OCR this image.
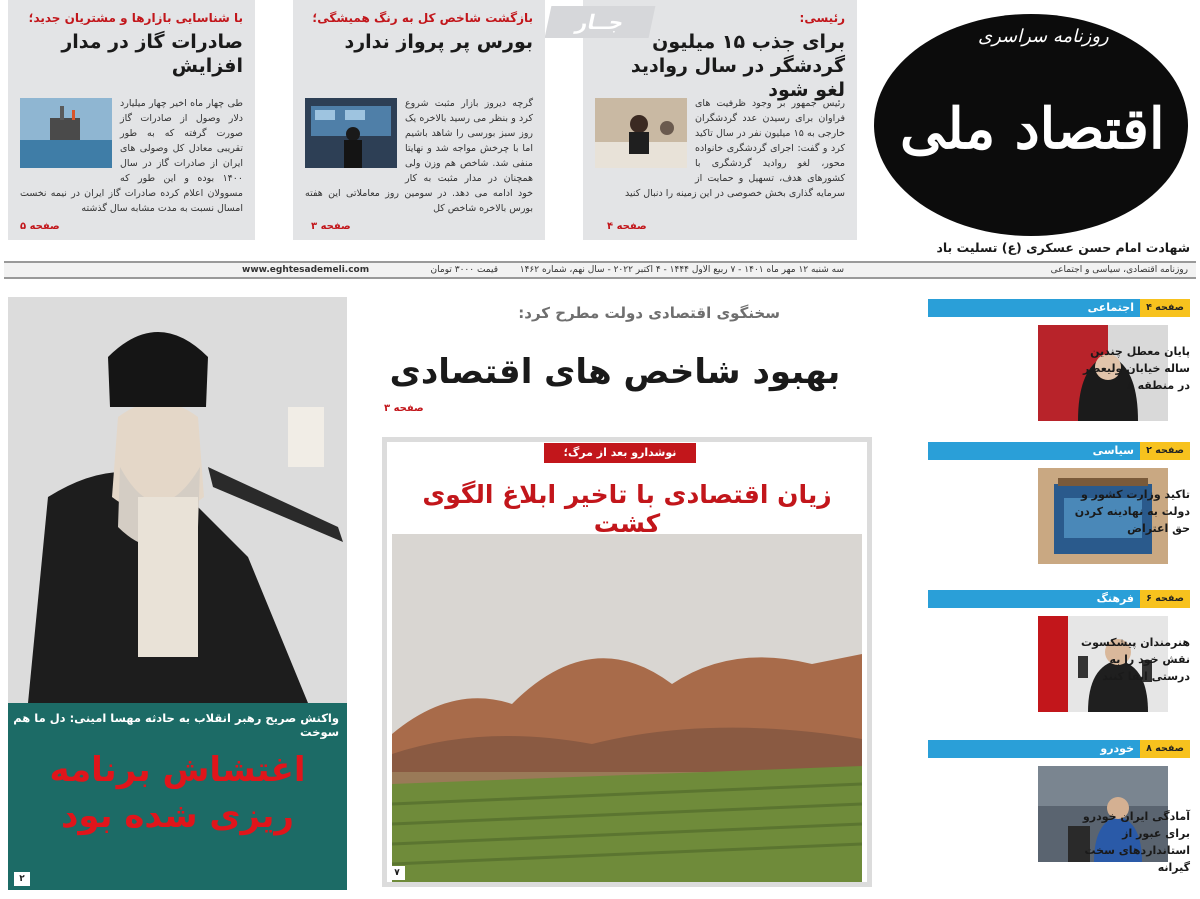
رئیسی:
برای جذب ۱۵ میلیون گردشگر در سال روادید لغو شود
رئیس جمهور بر وجود ظرفیت های فراوان برای رسیدن عدد گردشگران خارجی به ۱۵ میلیون نفر در سال تاکید کرد و گفت: اجرای گردشگری خانواده محور، لغو روادید گردشگری با کشورهای هدف، تسهیل و حمایت از سرمایه گذاری بخش خصوصی در این زمینه را دنبال کنید
صفحه ۴
جــار
بازگشت شاخص کل به رنگ همیشگی؛
بورس پر پرواز ندارد
گرچه دیروز بازار مثبت شروع کرد و بنظر می رسید بالاخره یک روز سبز بورسی را شاهد باشیم اما با چرخش مواجه شد و نهایتا منفی شد. شاخص هم وزن ولی همچنان در مدار مثبت به کار خود ادامه می دهد. در سومین روز معاملاتی این هفته بورس بالاخره شاخص کل
صفحه ۳
با شناسایی بازارها و مشتریان جدید؛
صادرات گاز در مدار افزایش
طی چهار ماه اخیر چهار میلیارد دلار وصول از صادرات گاز صورت گرفته که به طور تقریبی معادل کل وصولی های ایران از صادرات گاز در سال ۱۴۰۰ بوده و این طور که مسوولان اعلام کرده صادرات گاز ایران در نیمه نخست امسال نسبت به مدت مشابه سال گذشته
صفحه ۵
روزنامه سراسری
اقتصاد ملی
شهادت امام حسن عسکری (ع) تسلیت باد
روزنامه اقتصادی، سیاسی و اجتماعی
سه شنبه ۱۲ مهر ماه ۱۴۰۱ - ۷ ربیع الاول ۱۴۴۴ - ۴ اکتبر ۲۰۲۲ - سال نهم، شماره ۱۴۶۲
قیمت ۳۰۰۰ تومان
www.eghtesademeli.com
واکنش صریح رهبر انقلاب به حادثه مهسا امینی: دل ما هم سوخت
اغتشاش برنامه ریزی شده بود
۲
سخنگوی اقتصادی دولت مطرح کرد:
بهبود شاخص های اقتصادی
صفحه ۳
۷
نوشدارو بعد از مرگ؛
زیان اقتصادی با تاخیر ابلاغ الگوی کشت
اجتماعی	صفحه ۴
پایان معطل چندین ساله خیابان ولیعصر در منطقه ۸
سیاسی	صفحه ۲
تاکید وزارت کشور و دولت به نهادینه کردن حق اعتراض
فرهنگ	صفحه ۶
هنرمندان پیشکسوت نقش خود را به درستی ایفا کنند
خودرو	صفحه ۸
آمادگی ایران خودرو برای عبور از استانداردهای سخت گیرانه
